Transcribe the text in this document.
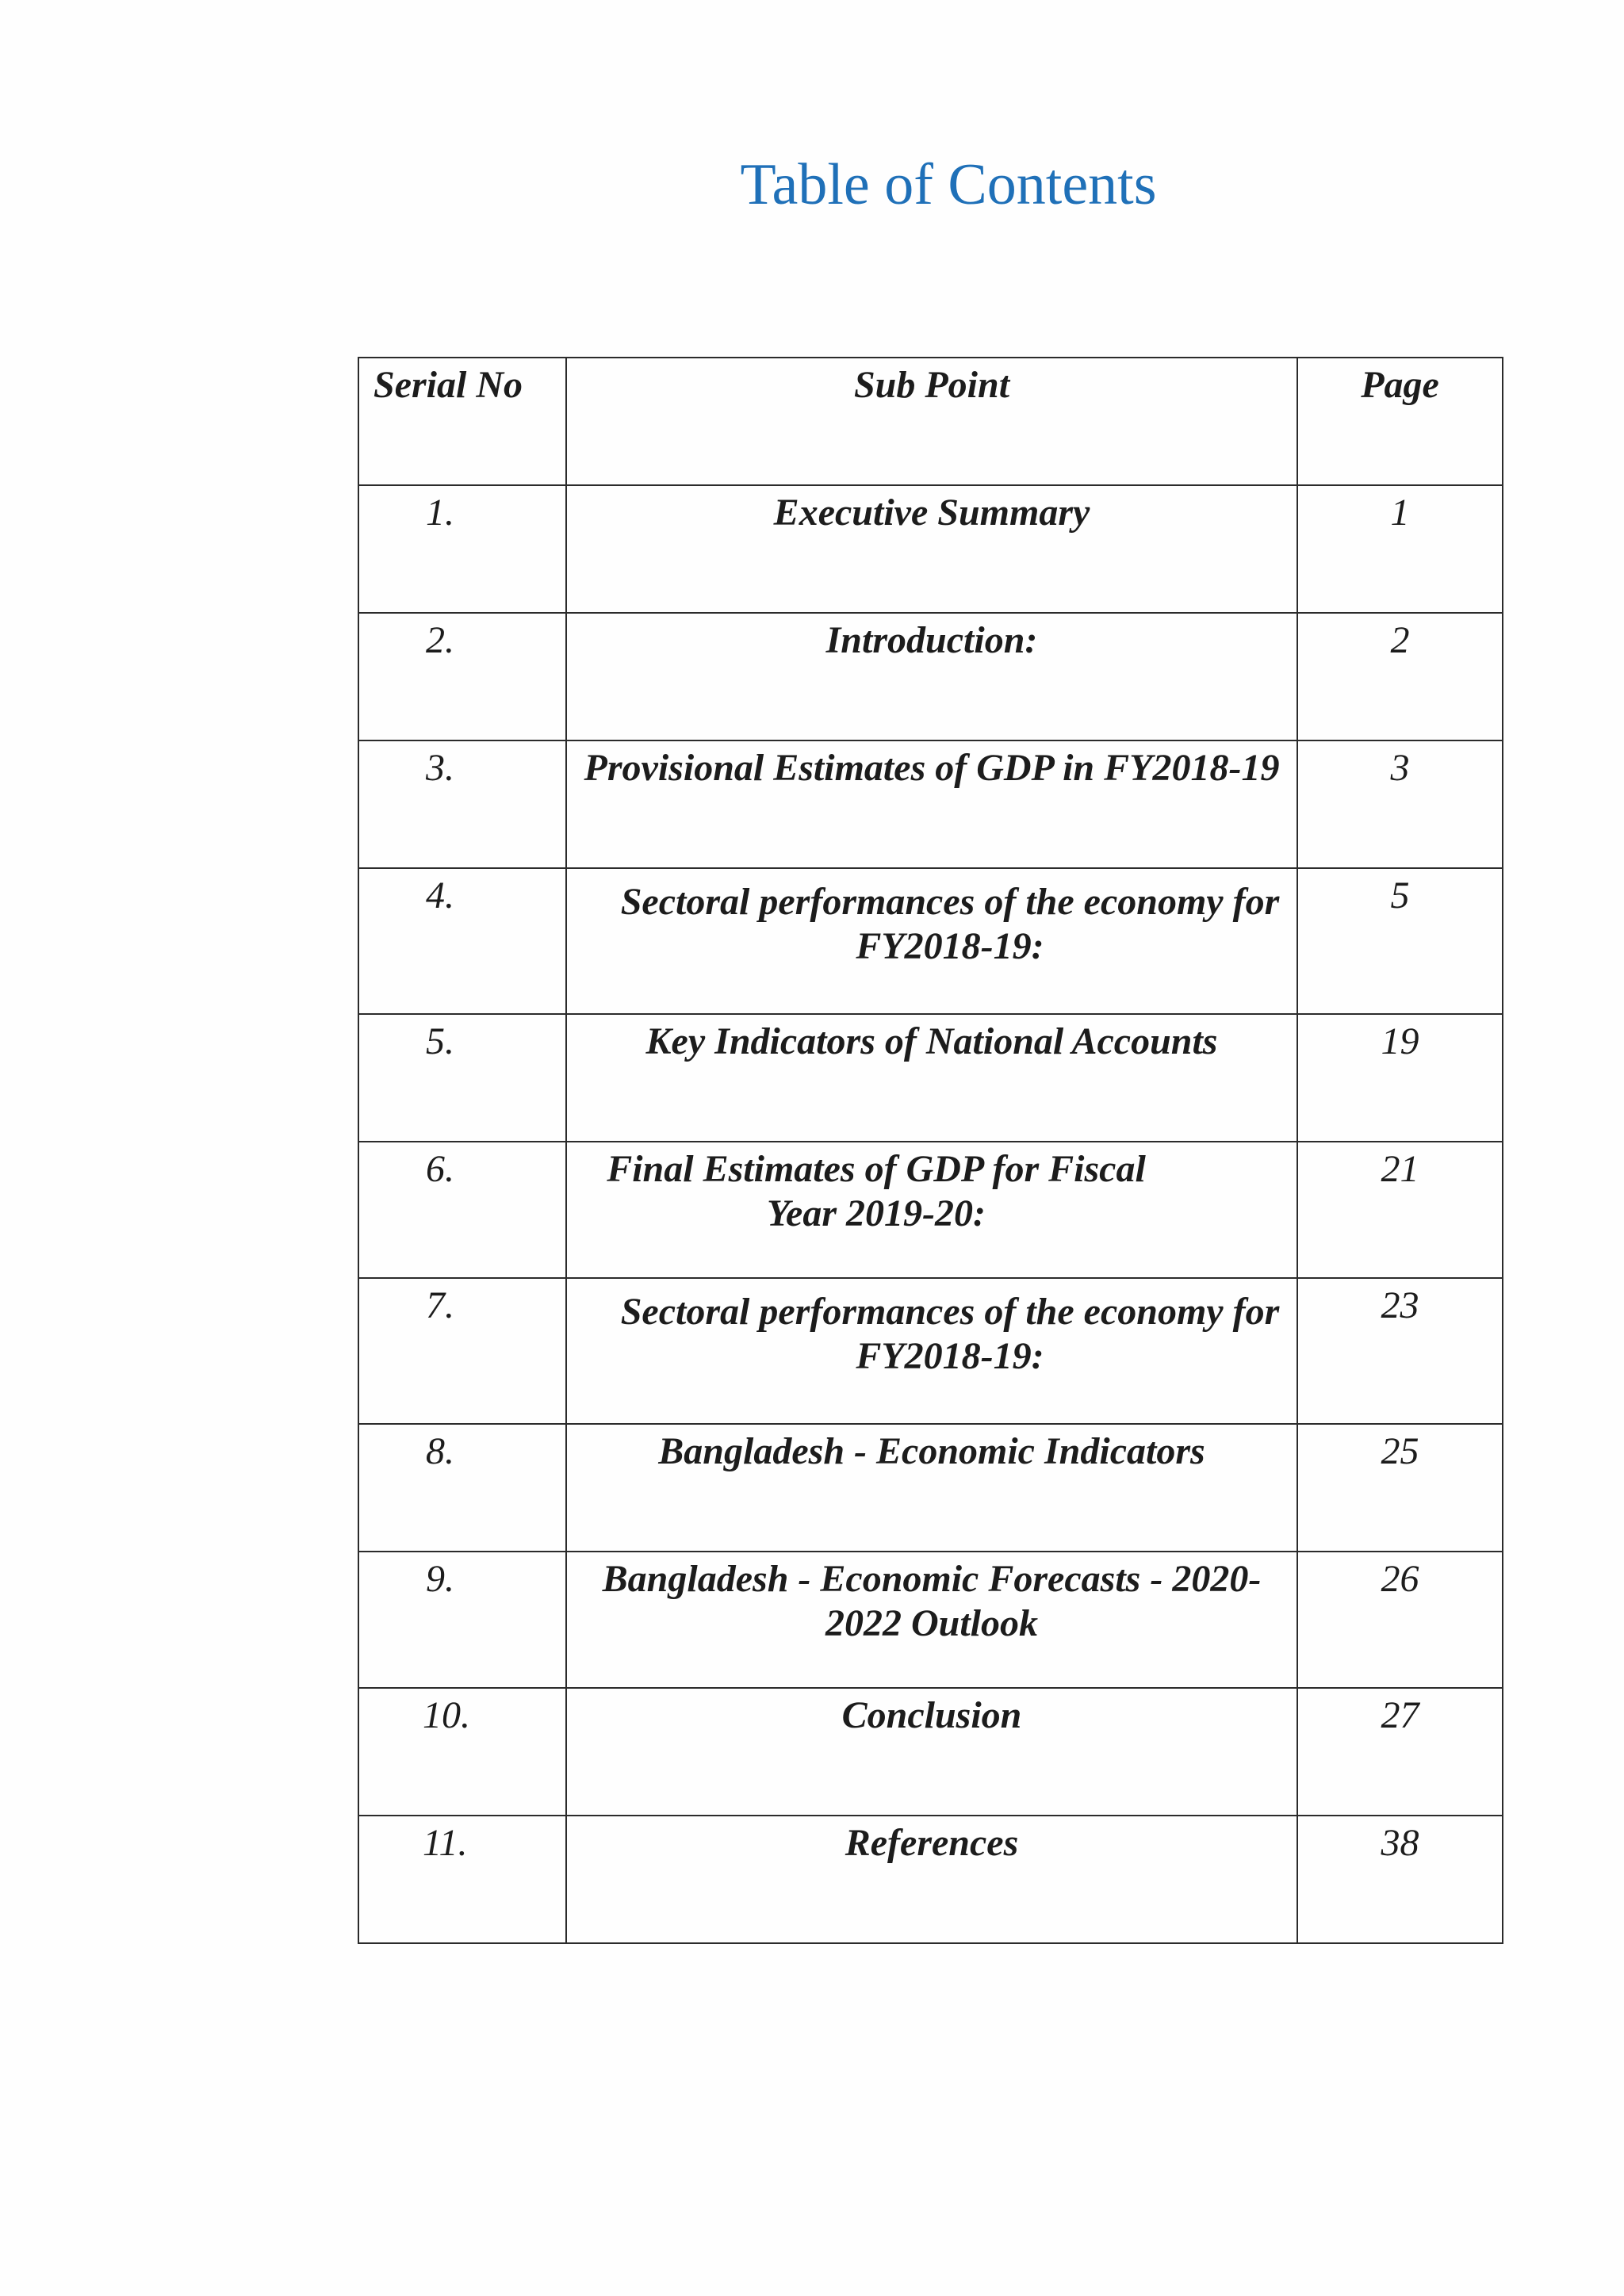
Table of Contents
Serial No	Sub Point	Page

1.	Executive Summary	1

2.	Introduction:	2

3.	Provisional Estimates of GDP in FY2018-19	3

4.	Sectoral performances of the economy for FY2018-19:	5

5.	Key Indicators of National Accounts	19

6.	Final Estimates of GDP for Fiscal Year 2019-20:	21

7.	Sectoral performances of the economy for FY2018-19:	23

8.	Bangladesh - Economic Indicators	25

9.	Bangladesh - Economic Forecasts - 2020-2022 Outlook	26

10.	Conclusion	27

11.	References	38
